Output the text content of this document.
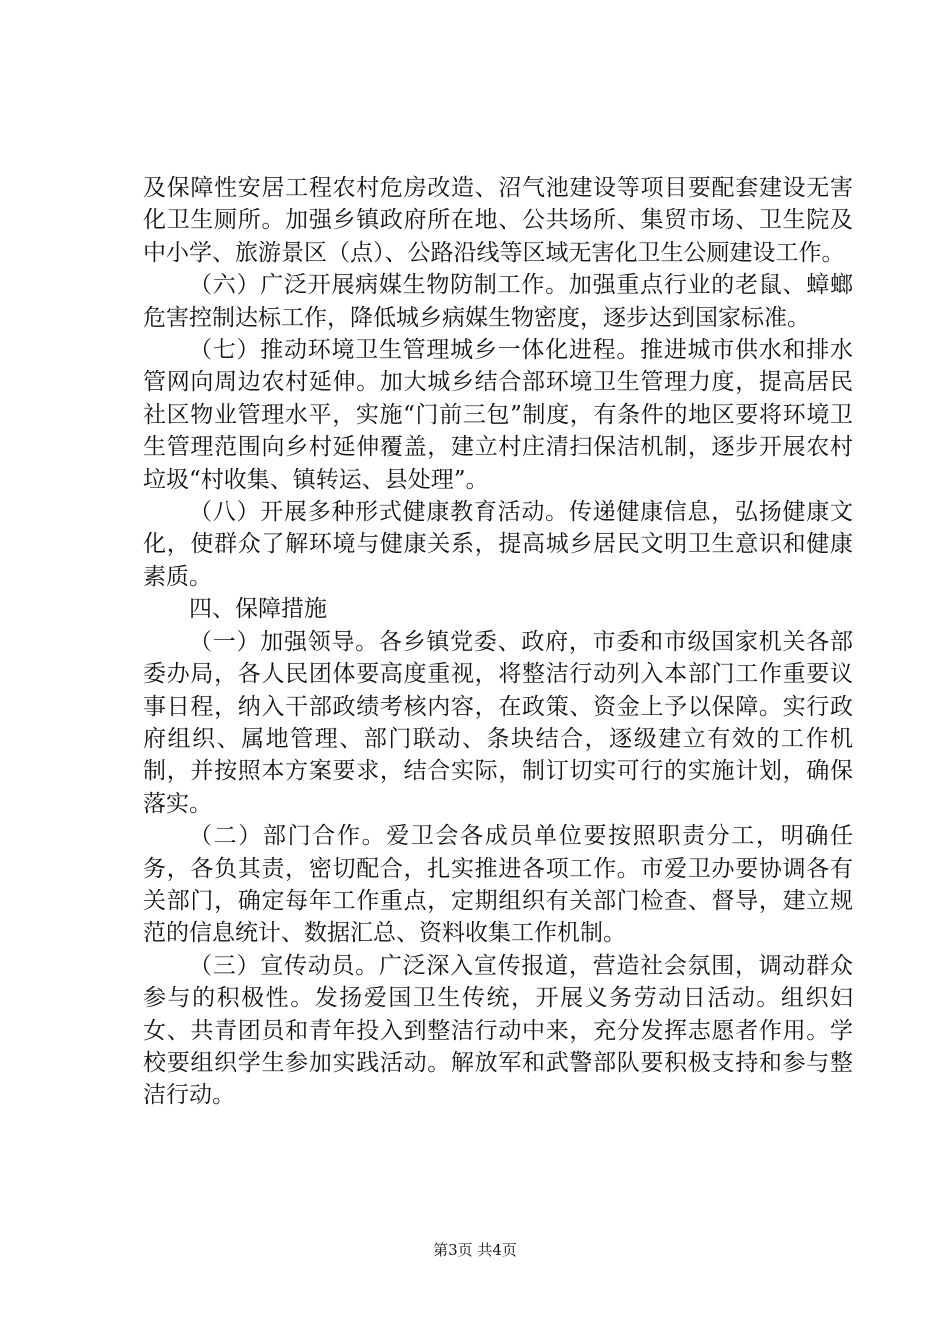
及保障性安居工程农村危房改造、沼气池建设等项目要配套建设无害化卫生厕所。加强乡镇政府所在地、公共场所、集贸市场、卫生院及中小学、旅游景区（点）、公路沿线等区域无害化卫生公厕建设工作。

（六）广泛开展病媒生物防制工作。加强重点行业的老鼠、蟑螂危害控制达标工作，降低城乡病媒生物密度，逐步达到国家标准。

（七）推动环境卫生管理城乡一体化进程。推进城市供水和排水管网向周边农村延伸。加大城乡结合部环境卫生管理力度，提高居民社区物业管理水平，实施“门前三包”制度，有条件的地区要将环境卫生管理范围向乡村延伸覆盖，建立村庄清扫保洁机制，逐步开展农村垃圾“村收集、镇转运、县处理”。

（八）开展多种形式健康教育活动。传递健康信息，弘扬健康文化，使群众了解环境与健康关系，提高城乡居民文明卫生意识和健康素质。

四、保障措施

（一）加强领导。各乡镇党委、政府，市委和市级国家机关各部委办局，各人民团体要高度重视，将整洁行动列入本部门工作重要议事日程，纳入干部政绩考核内容，在政策、资金上予以保障。实行政府组织、属地管理、部门联动、条块结合，逐级建立有效的工作机制，并按照本方案要求，结合实际，制订切实可行的实施计划，确保落实。

（二）部门合作。爱卫会各成员单位要按照职责分工，明确任务，各负其责，密切配合，扎实推进各项工作。市爱卫办要协调各有关部门，确定每年工作重点，定期组织有关部门检查、督导，建立规范的信息统计、数据汇总、资料收集工作机制。

（三）宣传动员。广泛深入宣传报道，营造社会氛围，调动群众参与的积极性。发扬爱国卫生传统，开展义务劳动日活动。组织妇女、共青团员和青年投入到整洁行动中来，充分发挥志愿者作用。学校要组织学生参加实践活动。解放军和武警部队要积极支持和参与整洁行动。

第3页 共4页
